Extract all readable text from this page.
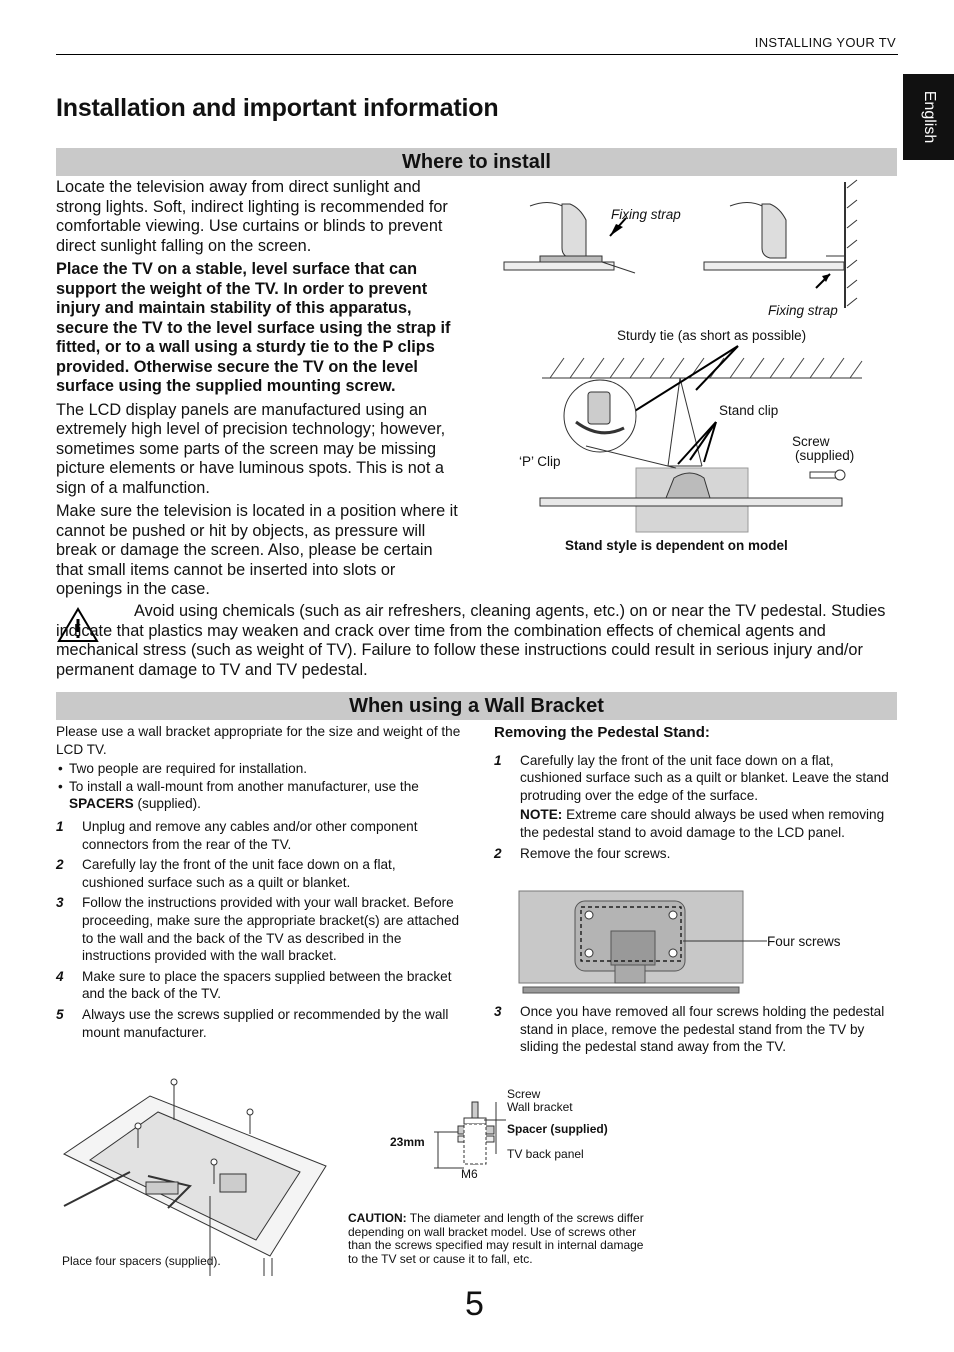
INSTALLING YOUR TV
English
Installation and important information
Where to install

Locate the television away from direct sunlight and strong lights. Soft, indirect lighting is recommended for comfortable viewing. Use curtains or blinds to prevent direct sunlight falling on the screen.

Place the TV on a stable, level surface that can support the weight of the TV. In order to prevent injury and maintain stability of this apparatus, secure the TV to the level surface using the strap if fitted, or to a wall using a sturdy tie to the P clips provided. Otherwise secure the TV on the level surface using the supplied mounting screw.

The LCD display panels are manufactured using an extremely high level of precision technology; however, sometimes some parts of the screen may be missing picture elements or have luminous spots. This is not a sign of a malfunction.

Make sure the television is located in a position where it cannot be pushed or hit by objects, as pressure will break or damage the screen. Also, please be certain that small items cannot be inserted into slots or openings in the case.

Fixing strap
Fixing strap
Sturdy tie (as short as possible)
Stand clip
Screw
(supplied)
‘P’ Clip
Stand style is dependent on model
Avoid using chemicals (such as air refreshers, cleaning agents, etc.) on or near the TV pedestal. Studies indicate that plastics may weaken and crack over time from the combination effects of chemical agents and mechanical stress (such as weight of TV). Failure to follow these instructions could result in serious injury and/or permanent damage to TV and TV pedestal.
When using a Wall Bracket
Please use a wall bracket appropriate for the size and weight of the LCD TV.
• Two people are required for installation.
• To install a wall-mount from another manufacturer, use the SPACERS (supplied).
1 Unplug and remove any cables and/or other component connectors from the rear of the TV.
2 Carefully lay the front of the unit face down on a flat, cushioned surface such as a quilt or blanket.
3 Follow the instructions provided with your wall bracket. Before proceeding, make sure the appropriate bracket(s) are attached to the wall and the back of the TV as described in the instructions provided with the wall bracket.
4 Make sure to place the spacers supplied between the bracket and the back of the TV.
5 Always use the screws supplied or recommended by the wall mount manufacturer.
Removing the Pedestal Stand:
1 Carefully lay the front of the unit face down on a flat, cushioned surface such as a quilt or blanket. Leave the stand protruding over the edge of the surface.
NOTE: Extreme care should always be used when removing the pedestal stand to avoid damage to the LCD panel.
2 Remove the four screws.
Four screws
3 Once you have removed all four screws holding the pedestal stand in place, remove the pedestal stand from the TV by sliding the pedestal stand away from the TV.
Place four spacers (supplied).
Screw
Wall bracket
Spacer (supplied)
TV back panel
23mm
M6
CAUTION: The diameter and length of the screws differ depending on wall bracket model. Use of screws other than the screws specified may result in internal damage to the TV set or cause it to fall, etc.
5
